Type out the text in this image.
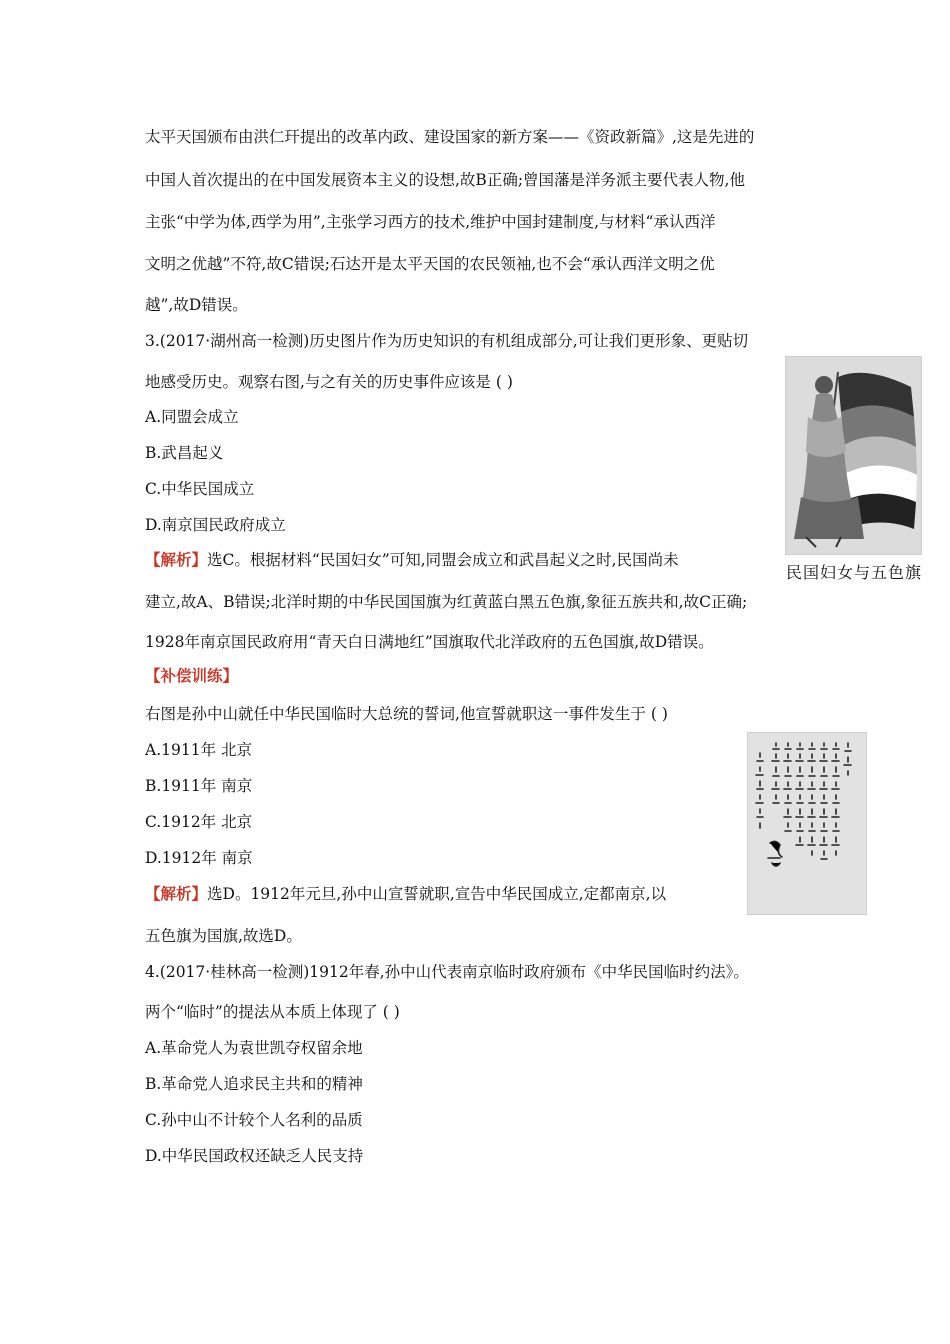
太平天国颁布由洪仁玕提出的改革内政、建设国家的新方案——《资政新篇》,这是先进的
中国人首次提出的在中国发展资本主义的设想,故B正确;曾国藩是洋务派主要代表人物,他
主张“中学为体,西学为用”,主张学习西方的技术,维护中国封建制度,与材料“承认西洋
文明之优越”不符,故C错误;石达开是太平天国的农民领袖,也不会“承认西洋文明之优
越”,故D错误。
3.(2017·湖州高一检测)历史图片作为历史知识的有机组成部分,可让我们更形象、更贴切
地感受历史。观察右图,与之有关的历史事件应该是 ( )
A.同盟会成立
B.武昌起义
C.中华民国成立
D.南京国民政府成立
【解析】选C。根据材料“民国妇女”可知,同盟会成立和武昌起义之时,民国尚未
建立,故A、B错误;北洋时期的中华民国国旗为红黄蓝白黑五色旗,象征五族共和,故C正确;
1928年南京国民政府用“青天白日满地红”国旗取代北洋政府的五色国旗,故D错误。
民国妇女与五色旗
【补偿训练】
右图是孙中山就任中华民国临时大总统的誓词,他宣誓就职这一事件发生于 ( )
A.1911年 北京
B.1911年 南京
C.1912年 北京
D.1912年 南京
【解析】选D。1912年元旦,孙中山宣誓就职,宣告中华民国成立,定都南京,以
五色旗为国旗,故选D。
4.(2017·桂林高一检测)1912年春,孙中山代表南京临时政府颁布《中华民国临时约法》。
两个“临时”的提法从本质上体现了 ( )
A.革命党人为袁世凯夺权留余地
B.革命党人追求民主共和的精神
C.孙中山不计较个人名利的品质
D.中华民国政权还缺乏人民支持
